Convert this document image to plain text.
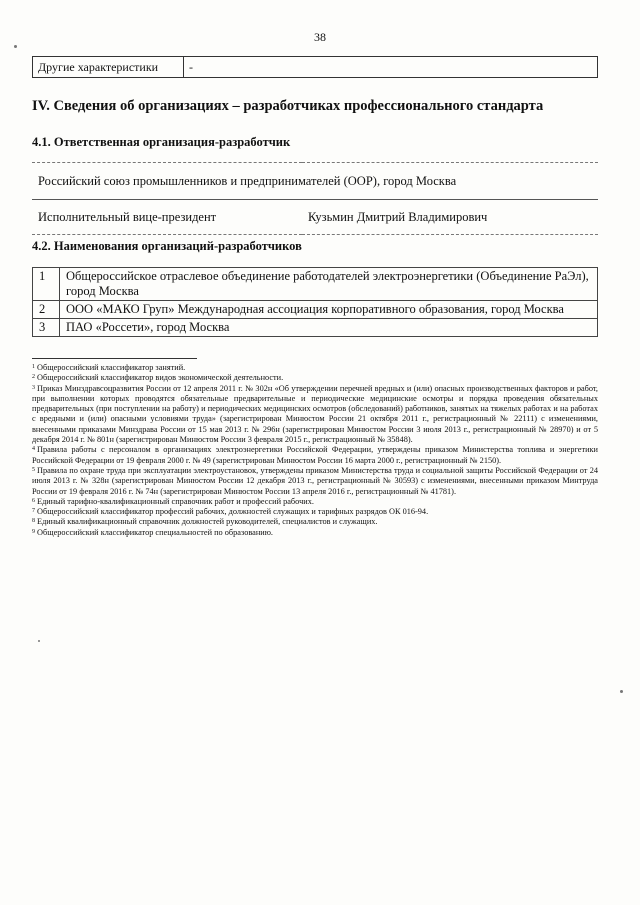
38
Другие характеристики	-
IV. Сведения об организациях – разработчиках профессионального стандарта
4.1. Ответственная организация-разработчик
Российский союз промышленников и предпринимателей (ООР), город Москва
Исполнительный вице-президент	Кузьмин Дмитрий Владимирович
4.2. Наименования организаций-разработчиков
1	Общероссийское отраслевое объединение работодателей электроэнергетики (Объединение РаЭл), город Москва
2	ООО «МАКО Груп» Международная ассоциация корпоративного образования, город Москва
3	ПАО «Россети», город Москва

$^1$ Общероссийский классификатор занятий.

$^2$ Общероссийский классификатор видов экономической деятельности.

$^3$ Приказ Минздравсоцразвития России от 12 апреля 2011 г. № 302н «Об утверждении перечней вредных и (или) опасных производственных факторов и работ, при выполнении которых проводятся обязательные предварительные и периодические медицинские осмотры и порядка проведения обязательных предварительных (при поступлении на работу) и периодических медицинских осмотров (обследований) работников, занятых на тяжелых работах и на работах с вредными и (или) опасными условиями труда» (зарегистрирован Минюстом России 21 октября 2011 г., регистрационный № 22111) с изменениями, внесенными приказами Минздрава России от 15 мая 2013 г. № 296н (зарегистрирован Минюстом России 3 июля 2013 г., регистрационный № 28970) и от 5 декабря 2014 г. № 801н (зарегистрирован Минюстом России 3 февраля 2015 г., регистрационный № 35848).

$^4$ Правила работы с персоналом в организациях электроэнергетики Российской Федерации, утверждены приказом Министерства топлива и энергетики Российской Федерации от 19 февраля 2000 г. № 49 (зарегистрирован Минюстом России 16 марта 2000 г., регистрационный № 2150).

$^5$ Правила по охране труда при эксплуатации электроустановок, утверждены приказом Министерства труда и социальной защиты Российской Федерации от 24 июля 2013 г. № 328н (зарегистрирован Минюстом России 12 декабря 2013 г., регистрационный № 30593) с изменениями, внесенными приказом Минтруда России от 19 февраля 2016 г. № 74н (зарегистрирован Минюстом России 13 апреля 2016 г., регистрационный № 41781).

$^6$ Единый тарифно-квалификационный справочник работ и профессий рабочих.

$^7$ Общероссийский классификатор профессий рабочих, должностей служащих и тарифных разрядов ОК 016-94.

$^8$ Единый квалификационный справочник должностей руководителей, специалистов и служащих.

$^9$ Общероссийский классификатор специальностей по образованию.
